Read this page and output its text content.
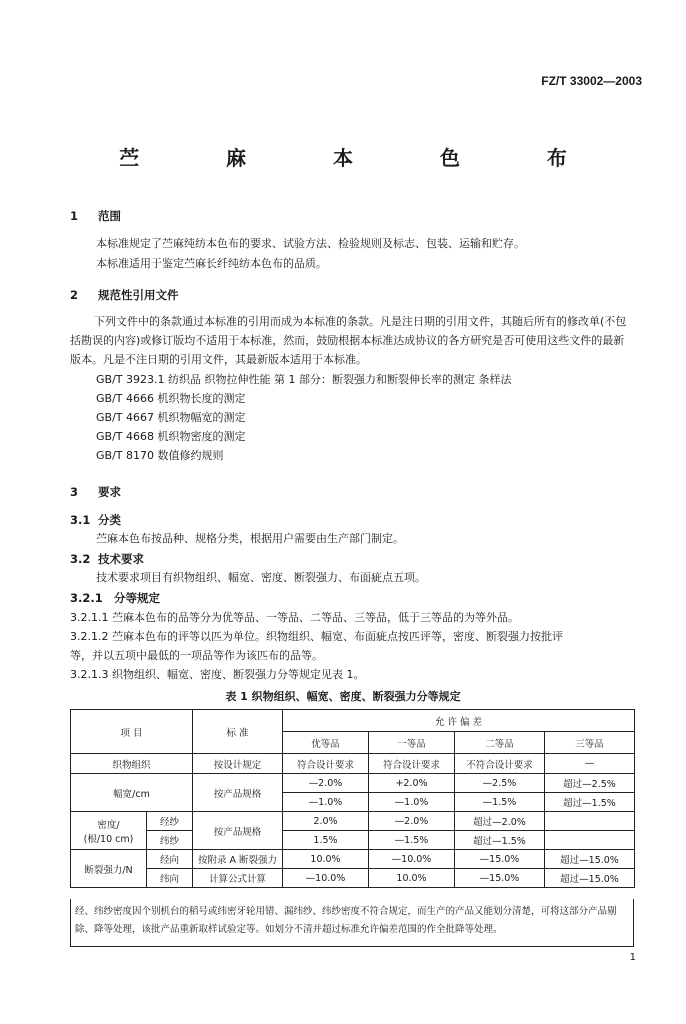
FZ/T 33002—2003
苎 麻 本 色 布
1 范围
本标准规定了苎麻纯纺本色布的要求、试验方法、检验规则及标志、包装、运输和贮存。
本标准适用于鉴定苎麻长纤纯纺本色布的品质。
2 规范性引用文件
下列文件中的条款通过本标准的引用而成为本标准的条款。凡是注日期的引用文件，其随后所有的修改单(不包括勘误的内容)或修订版均不适用于本标准，然而，鼓励根据本标准达成协议的各方研究是否可使用这些文件的最新版本。凡是不注日期的引用文件，其最新版本适用于本标准。
GB/T 3923.1 纺织品 织物拉伸性能 第 1 部分：断裂强力和断裂伸长率的测定 条样法
GB/T 4666 机织物长度的测定
GB/T 4667 机织物幅宽的测定
GB/T 4668 机织物密度的测定
GB/T 8170 数值修约规则
3 要求
3.1 分类
苎麻本色布按品种、规格分类，根据用户需要由生产部门制定。
3.2 技术要求
技术要求项目有织物组织、幅宽、密度、断裂强力、布面疵点五项。
3.2.1 分等规定
3.2.1.1 苎麻本色布的品等分为优等品、一等品、二等品、三等品，低于三等品的为等外品。
3.2.1.2 苎麻本色布的评等以匹为单位。织物组织、幅宽、布面疵点按匹评等，密度、断裂强力按批评
等，并以五项中最低的一项品等作为该匹布的品等。
3.2.1.3 织物组织、幅宽、密度、断裂强力分等规定见表 1。
表 1 织物组织、幅宽、密度、断裂强力分等规定
项 目		标 准	允 许 偏 差			
			优等品	一等品	二等品	三等品
织物组织		按设计规定	符合设计要求	符合设计要求	不符合设计要求	—
幅宽/cm		按产品规格	—2.0%	+2.0%	—2.5%	超过—2.5%
			—1.0%	—1.0%	—1.5%	超过—1.5%
密度/
(根/10 cm)	经纱	按产品规格	2.0%	—2.0%	超过—2.0%	
	纬纱		1.5%	—1.5%	超过—1.5%	
断裂强力/N	经向	按附录 A 断裂强力	10.0%	—10.0%	—15.0%	超过—15.0%
	纬向	计算公式计算	—10.0%	10.0%	—15.0%	超过—15.0%
经、纬纱密度因个别机台的稻号或纬密牙轮用错、漏纬纱、纬纱密度不符合规定，而生产的产品又能划分清楚，可将这部分产品剔除、降等处理，该批产品重新取样试验定等。如划分不清并超过标准允许偏差范围的作全批降等处理。
1
